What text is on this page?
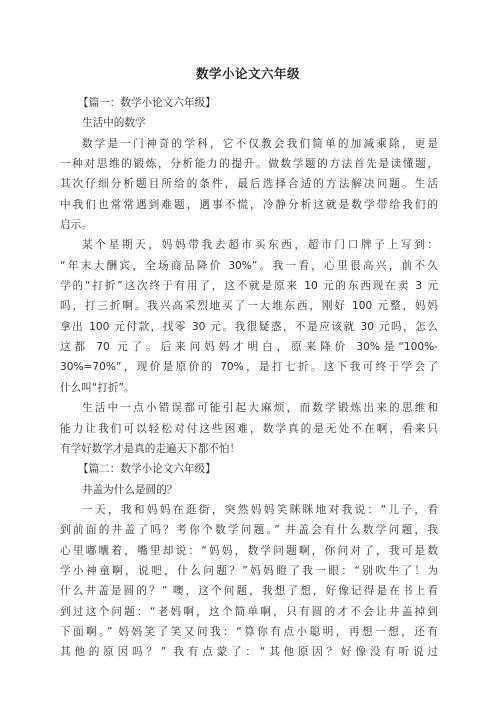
数学小论文六年级
【篇一：数学小论文六年级】
生活中的数学
数学是一门神奇的学科，它不仅教会我们简单的加减乘除，更是
一种对思维的锻炼，分析能力的提升。做数学题的方法首先是读懂题，
其次仔细分析题目所给的条件，最后选择合适的方法解决问题。生活
中我们也常常遇到难题，遇事不慌，冷静分析这就是数学带给我们的
启示。
某个星期天，妈妈带我去超市买东西，超市门口牌子上写到：
“年末大酬宾，全场商品降价 30%”。我一看，心里很高兴，前不久
学的“打折”这次终于有用了，这不就是原来 10 元的东西现在卖 3 元
吗，打三折啊。我兴高采烈地买了一大堆东西，刚好 100 元整，妈妈
拿出 100 元付款，找零 30 元。我很疑惑，不是应该就 30 元吗，怎么
这都 70 元了。后来问妈妈才明白，原来降价 30%是“100%-
30%=70%”，现价是原价的 70%，是打七折。这下我可终于学会了
什么叫“打折”。
生活中一点小错误都可能引起大麻烦，而数学锻炼出来的思维和
能力让我们可以轻松对付这些困难，数学真的是无处不在啊，看来只
有学好数学才是真的走遍天下都不怕！
【篇二：数学小论文六年级】
井盖为什么是圆的？
一天，我和妈妈在逛街，突然妈妈笑眯眯地对我说：“儿子，看
到前面的井盖了吗？考你个数学问题。” 井盖会有什么数学问题，我
心里嘟囔着，嘴里却说：“妈妈，数学问题啊，你问对了，我可是数
学小神童啊，说吧，什么问题？”妈妈瞪了我一眼：“别吹牛了！为
什么井盖是圆的？” 噢，这个问题，我想了想，好像记得是在书上看
到过这个问题：“老妈啊，这个简单啊，只有圆的才不会让井盖掉到
下面啊。” 妈妈笑了笑又问我：“算你有点小聪明，再想一想，还有
其他的原因吗？” 我有点蒙了：“其他原因？好像没有听说过
